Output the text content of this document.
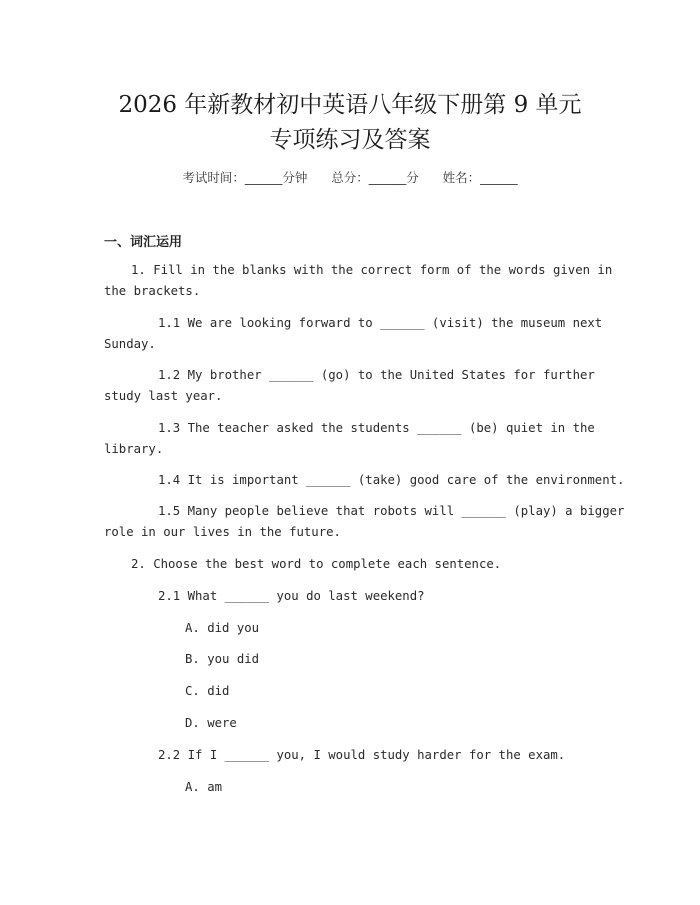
2026 年新教材初中英语八年级下册第 9 单元
专项练习及答案
考试时间：______分钟      总分：______分      姓名：______
一、词汇运用
1. Fill in the blanks with the correct form of the words given in
the brackets.
1.1 We are looking forward to ______ (visit) the museum next
Sunday.
1.2 My brother ______ (go) to the United States for further
study last year.
1.3 The teacher asked the students ______ (be) quiet in the
library.
1.4 It is important ______ (take) good care of the environment.
1.5 Many people believe that robots will ______ (play) a bigger
role in our lives in the future.
2. Choose the best word to complete each sentence.
2.1 What ______ you do last weekend?
A. did you
B. you did
C. did
D. were
2.2 If I ______ you, I would study harder for the exam.
A. am
